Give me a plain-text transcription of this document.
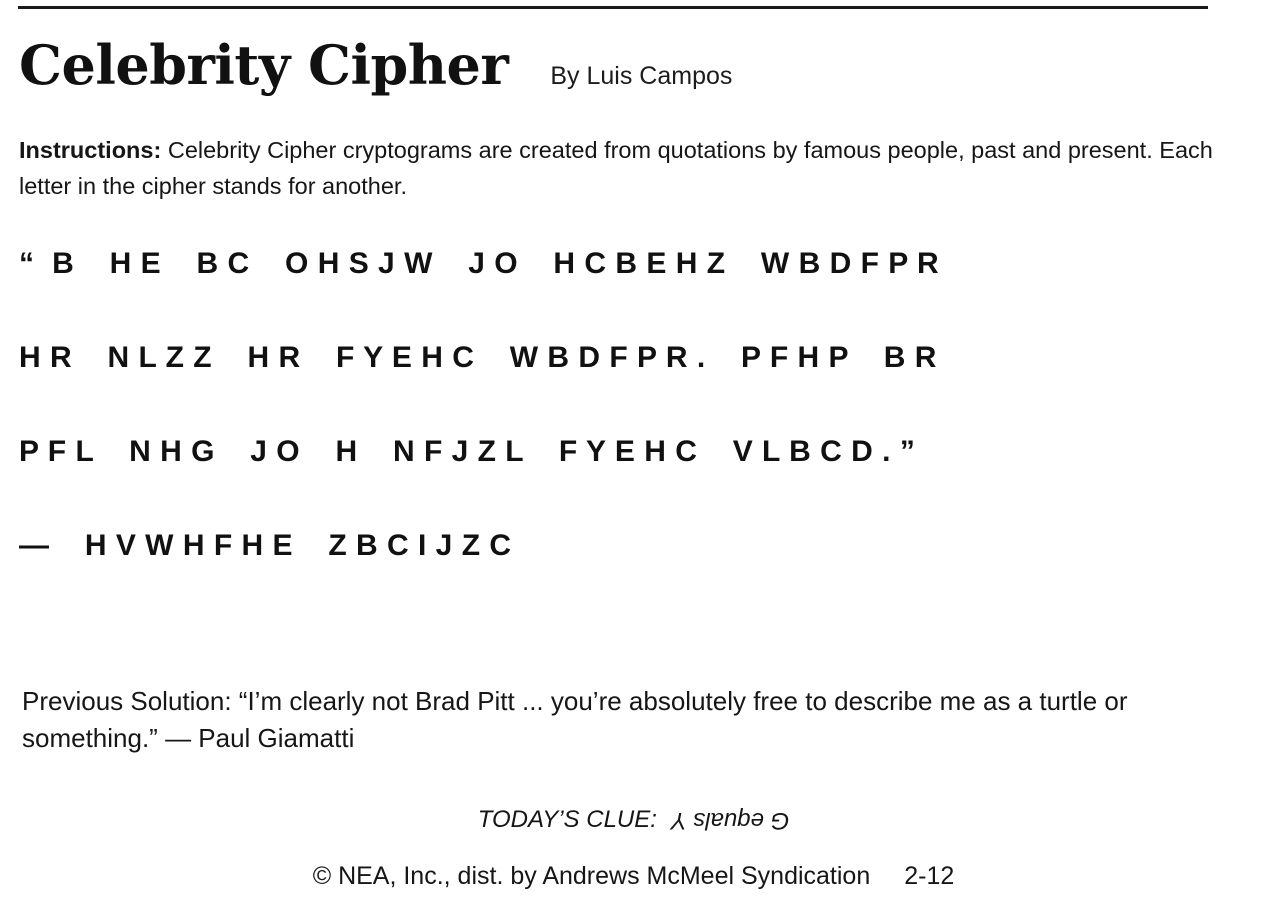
Celebrity Cipher By Luis Campos
Instructions: Celebrity Cipher cryptograms are created from quotations by famous people, past and present. Each letter in the cipher stands for another.
“  B    H E    B C    O H S J W    J O    H C B E H Z    W B D F P R
H R    N L Z Z    H R    F Y E H C    W B D F P R .    P F H P    B R
P F L    N H G    J O    H    N F J Z L    F Y E H C    V L B C D . ”
—    H V W H F H E    Z B C I J Z C
Previous Solution: “I’m clearly not Brad Pitt ... you’re absolutely free to describe me as a turtle or something.” — Paul Giamatti
TODAY’S CLUE: G equals Y
© NEA, Inc., dist. by Andrews McMeel Syndication 2-12
